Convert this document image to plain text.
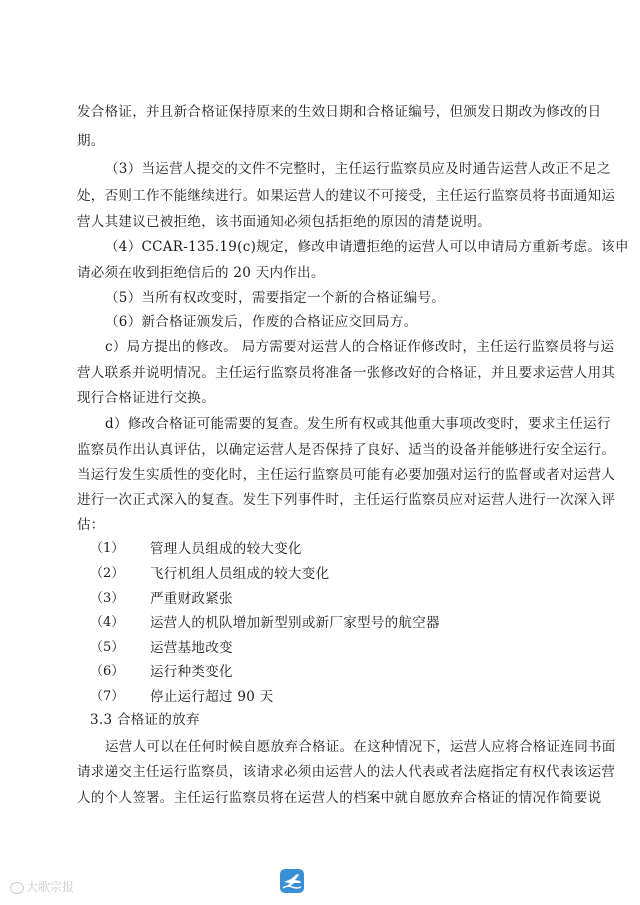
发合格证，并且新合格证保持原来的生效日期和合格证编号，但颁发日期改为修改的日
期。
（3）当运营人提交的文件不完整时，主任运行监察员应及时通告运营人改正不足之
处，否则工作不能继续进行。如果运营人的建议不可接受，主任运行监察员将书面通知运
营人其建议已被拒绝，该书面通知必须包括拒绝的原因的清楚说明。
（4）CCAR-135.19(c)规定，修改申请遭拒绝的运营人可以申请局方重新考虑。该申
请必须在收到拒绝信后的 20 天内作出。
（5）当所有权改变时，需要指定一个新的合格证编号。
（6）新合格证颁发后，作废的合格证应交回局方。
c）局方提出的修改。 局方需要对运营人的合格证作修改时，主任运行监察员将与运
营人联系并说明情况。主任运行监察员将准备一张修改好的合格证，并且要求运营人用其
现行合格证进行交换。
d）修改合格证可能需要的复查。发生所有权或其他重大事项改变时，要求主任运行
监察员作出认真评估，以确定运营人是否保持了良好、适当的设备并能够进行安全运行。
当运行发生实质性的变化时，主任运行监察员可能有必要加强对运行的监督或者对运营人
进行一次正式深入的复查。发生下列事件时，主任运行监察员应对运营人进行一次深入评
估：
（1） 管理人员组成的较大变化
（2） 飞行机组人员组成的较大变化
（3） 严重财政紧张
（4） 运营人的机队增加新型别或新厂家型号的航空器
（5） 运营基地改变
（6） 运行种类变化
（7） 停止运行超过 90 天
3.3 合格证的放弃
运营人可以在任何时候自愿放弃合格证。在这种情况下，运营人应将合格证连同书面
请求递交主任运行监察员，该请求必须由运营人的法人代表或者法庭指定有权代表该运营
人的个人签署。主任运行监察员将在运营人的档案中就自愿放弃合格证的情况作简要说
大歌宗报
